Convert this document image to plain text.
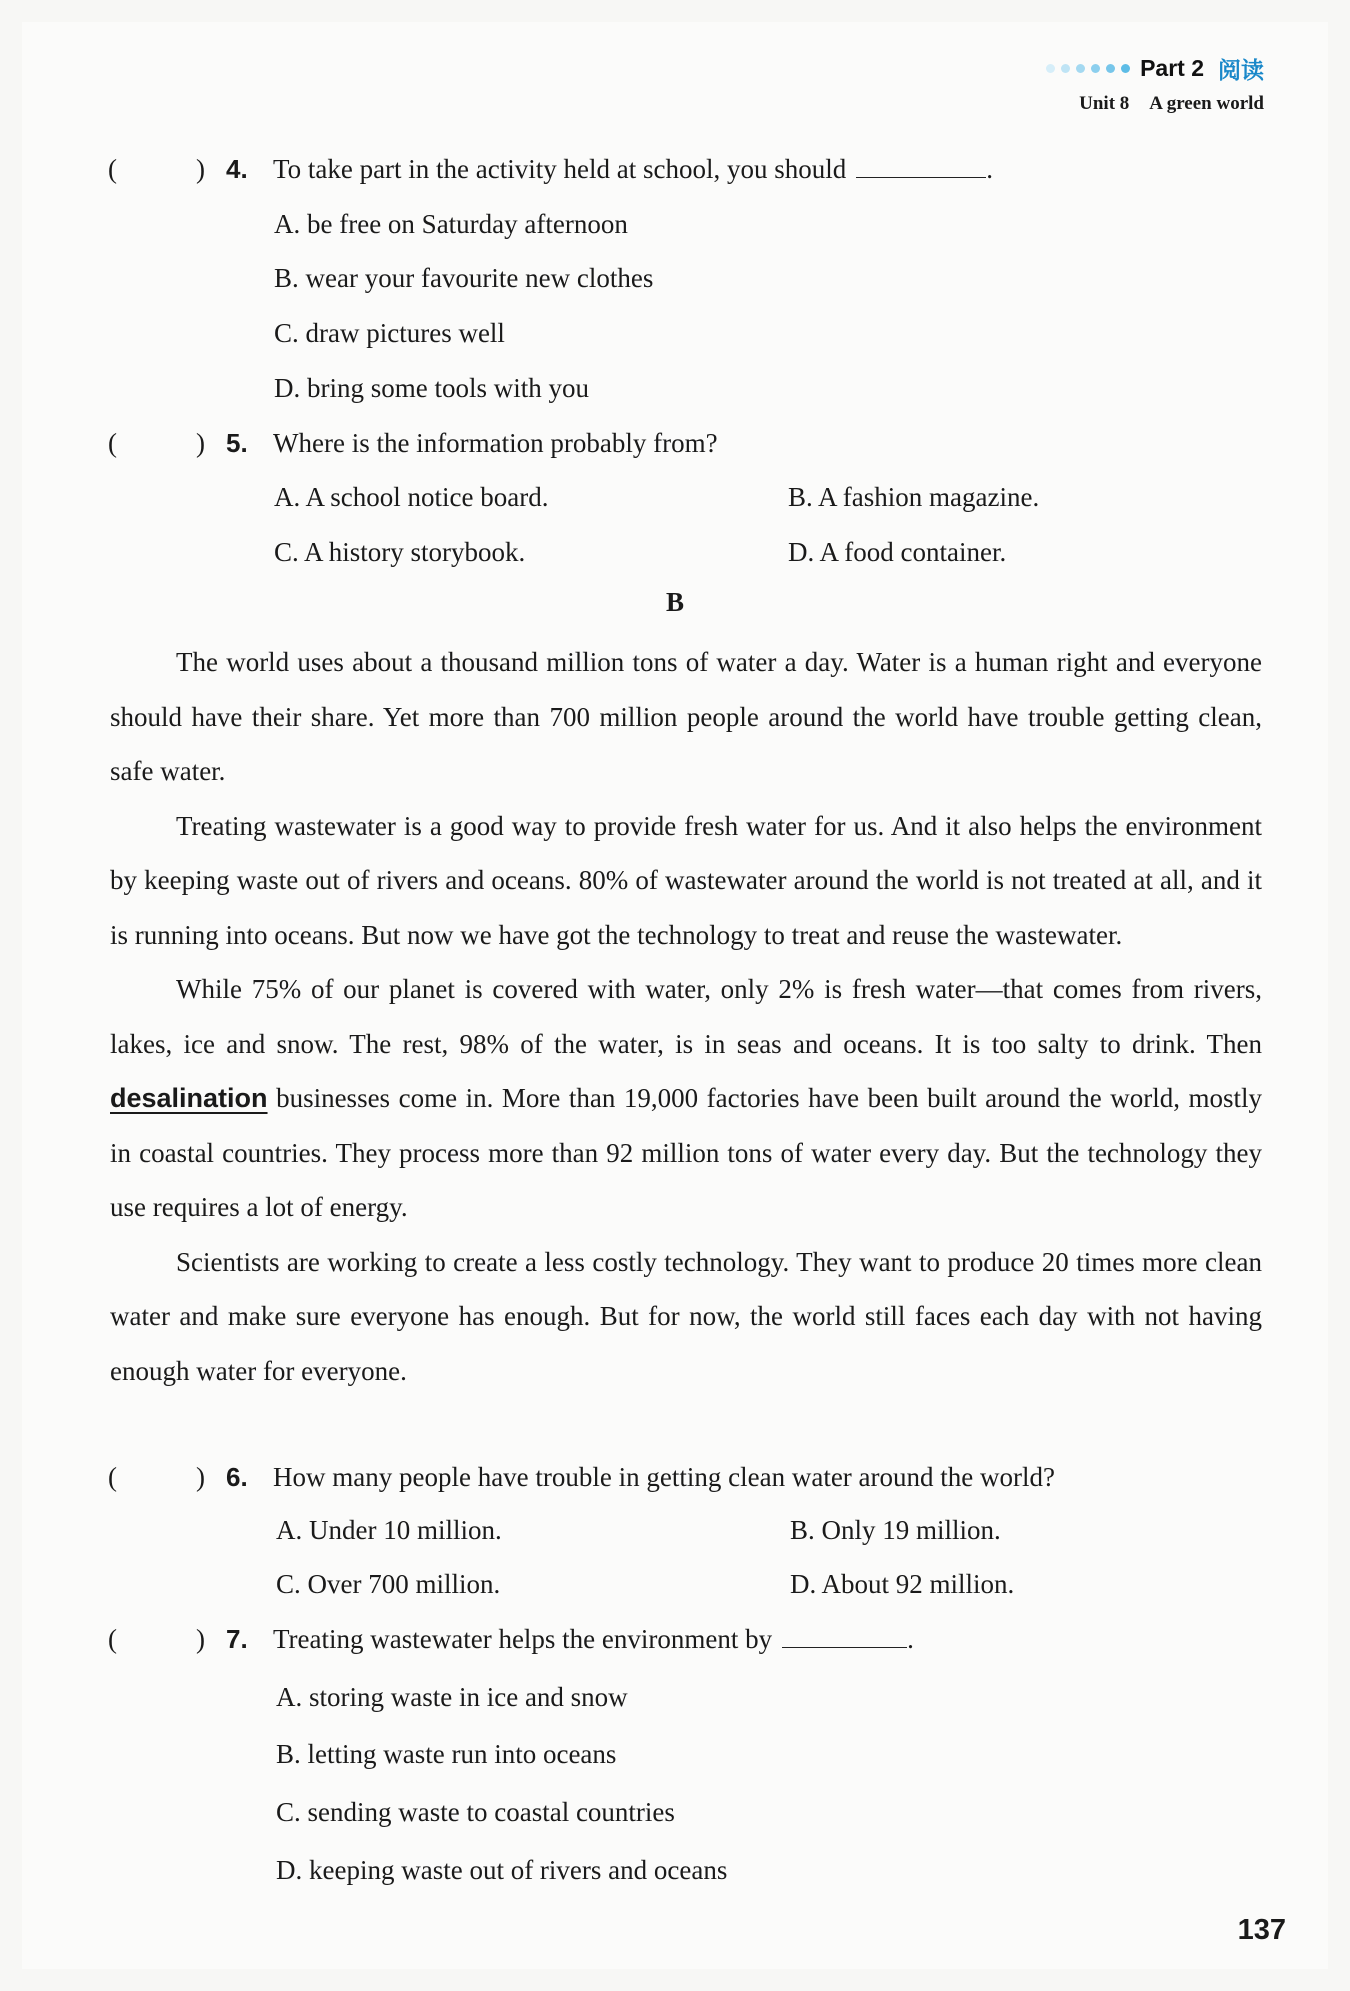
Part 2 阅读
Unit 8 A green world
(	) 4. To take part in the activity held at school, you should	.
A. be free on Saturday afternoon
B. wear your favourite new clothes
C. draw pictures well
D. bring some tools with you
(	) 5. Where is the information probably from?
A. A school notice board.	B. A fashion magazine.
C. A history storybook.	D. A food container.
B

The world uses about a thousand million tons of water a day. Water is a human right and everyone should have their share. Yet more than 700 million people around the world have trouble getting clean, safe water.

Treating wastewater is a good way to provide fresh water for us. And it also helps the environment by keeping waste out of rivers and oceans. 80% of wastewater around the world is not treated at all, and it is running into oceans. But now we have got the technology to treat and reuse the wastewater.

While 75% of our planet is covered with water, only 2% is fresh water—that comes from rivers, lakes, ice and snow. The rest, 98% of the water, is in seas and oceans. It is too salty to drink. Then desalination businesses come in. More than 19,000 factories have been built around the world, mostly in coastal countries. They process more than 92 million tons of water every day. But the technology they use requires a lot of energy.

Scientists are working to create a less costly technology. They want to produce 20 times more clean water and make sure everyone has enough. But for now, the world still faces each day with not having enough water for everyone.

(	) 6. How many people have trouble in getting clean water around the world?
A. Under 10 million.	B. Only 19 million.
C. Over 700 million.	D. About 92 million.
(	) 7. Treating wastewater helps the environment by	.
A. storing waste in ice and snow
B. letting waste run into oceans
C. sending waste to coastal countries
D. keeping waste out of rivers and oceans
137
